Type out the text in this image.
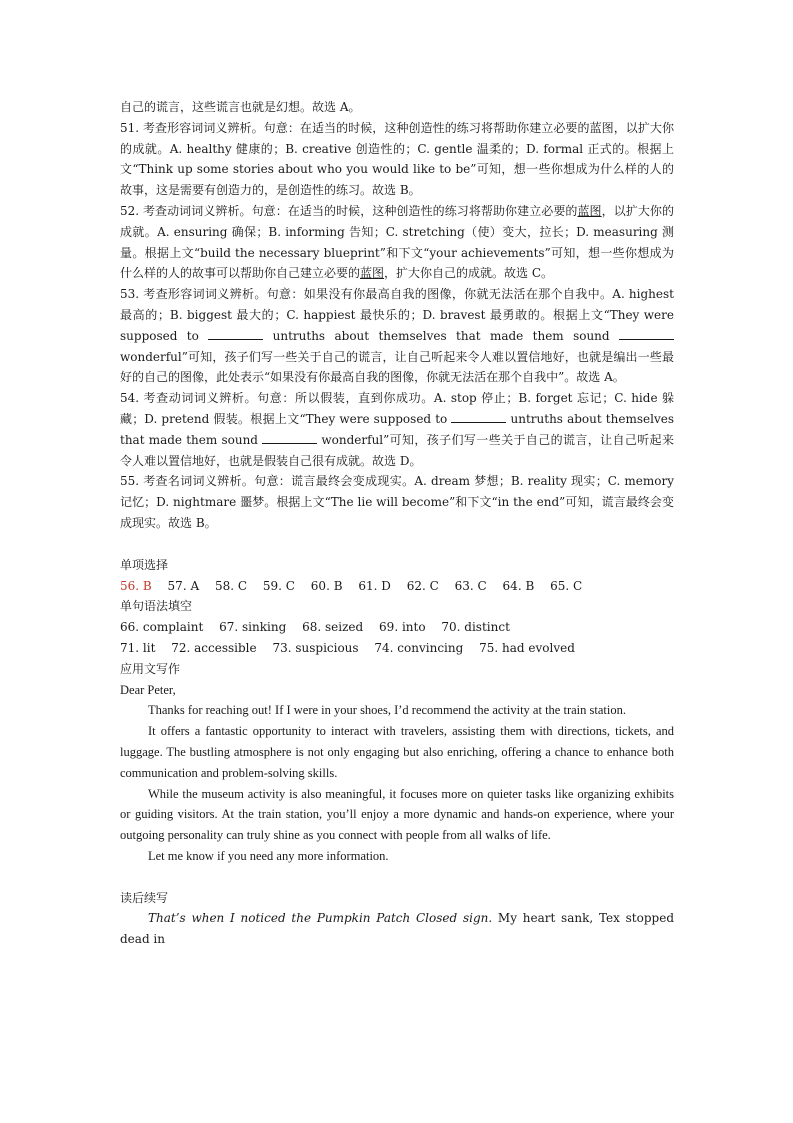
自己的谎言，这些谎言也就是幻想。故选 A。

51. 考查形容词词义辨析。句意：在适当的时候，这种创造性的练习将帮助你建立必要的蓝图，以扩大你的成就。A. healthy 健康的；B. creative 创造性的；C. gentle 温柔的；D. formal 正式的。根据上文“Think up some stories about who you would like to be”可知，想一些你想成为什么样的人的故事，这是需要有创造力的，是创造性的练习。故选 B。

52. 考查动词词义辨析。句意：在适当的时候，这种创造性的练习将帮助你建立必要的蓝图，以扩大你的成就。A. ensuring 确保；B. informing 告知；C. stretching（使）变大，拉长；D. measuring 测量。根据上文“build the necessary blueprint”和下文“your achievements”可知，想一些你想成为什么样的人的故事可以帮助你自己建立必要的蓝图，扩大你自己的成就。故选 C。

53. 考查形容词词义辨析。句意：如果没有你最高自我的图像，你就无法活在那个自我中。A. highest 最高的；B. biggest 最大的；C. happiest 最快乐的；D. bravest 最勇敢的。根据上文“They were supposed to	untruths about themselves that made them sound  wonderful”可知，孩子们写一些关于自己的谎言，让自己听起来令人难以置信地好，也就是编出一些最好的自己的图像，此处表示“如果没有你最高自我的图像，你就无法活在那个自我中”。故选 A。

54. 考查动词词义辨析。句意：所以假装，直到你成功。A. stop 停止；B. forget 忘记；C. hide 躲藏；D. pretend 假装。根据上文“They were supposed to	untruths about themselves that made them sound	wonderful”可知，孩子们写一些关于自己的谎言，让自己听起来令人难以置信地好，也就是假装自己很有成就。故选 D。

55. 考查名词词义辨析。句意：谎言最终会变成现实。A. dream 梦想；B. reality 现实；C. memory 记忆；D. nightmare 噩梦。根据上文“The lie will become”和下文“in the end”可知，谎言最终会变成现实。故选 B。

单项选择

56. B 57. A 58. C 59. C 60. B 61. D 62. C 63. C 64. B 65. C

单句语法填空

66. complaint 67. sinking 68. seized 69. into 70. distinct

71. lit 72. accessible 73. suspicious 74. convincing 75. had evolved

应用文写作

Dear Peter,

Thanks for reaching out! If I were in your shoes, I’d recommend the activity at the train station.

It offers a fantastic opportunity to interact with travelers, assisting them with directions, tickets, and luggage. The bustling atmosphere is not only engaging but also enriching, offering a chance to enhance both communication and problem-solving skills.

While the museum activity is also meaningful, it focuses more on quieter tasks like organizing exhibits or guiding visitors. At the train station, you’ll enjoy a more dynamic and hands-on experience, where your outgoing personality can truly shine as you connect with people from all walks of life.

Let me know if you need any more information.

读后续写

That’s when I noticed the Pumpkin Patch Closed sign. My heart sank, Tex stopped dead in
